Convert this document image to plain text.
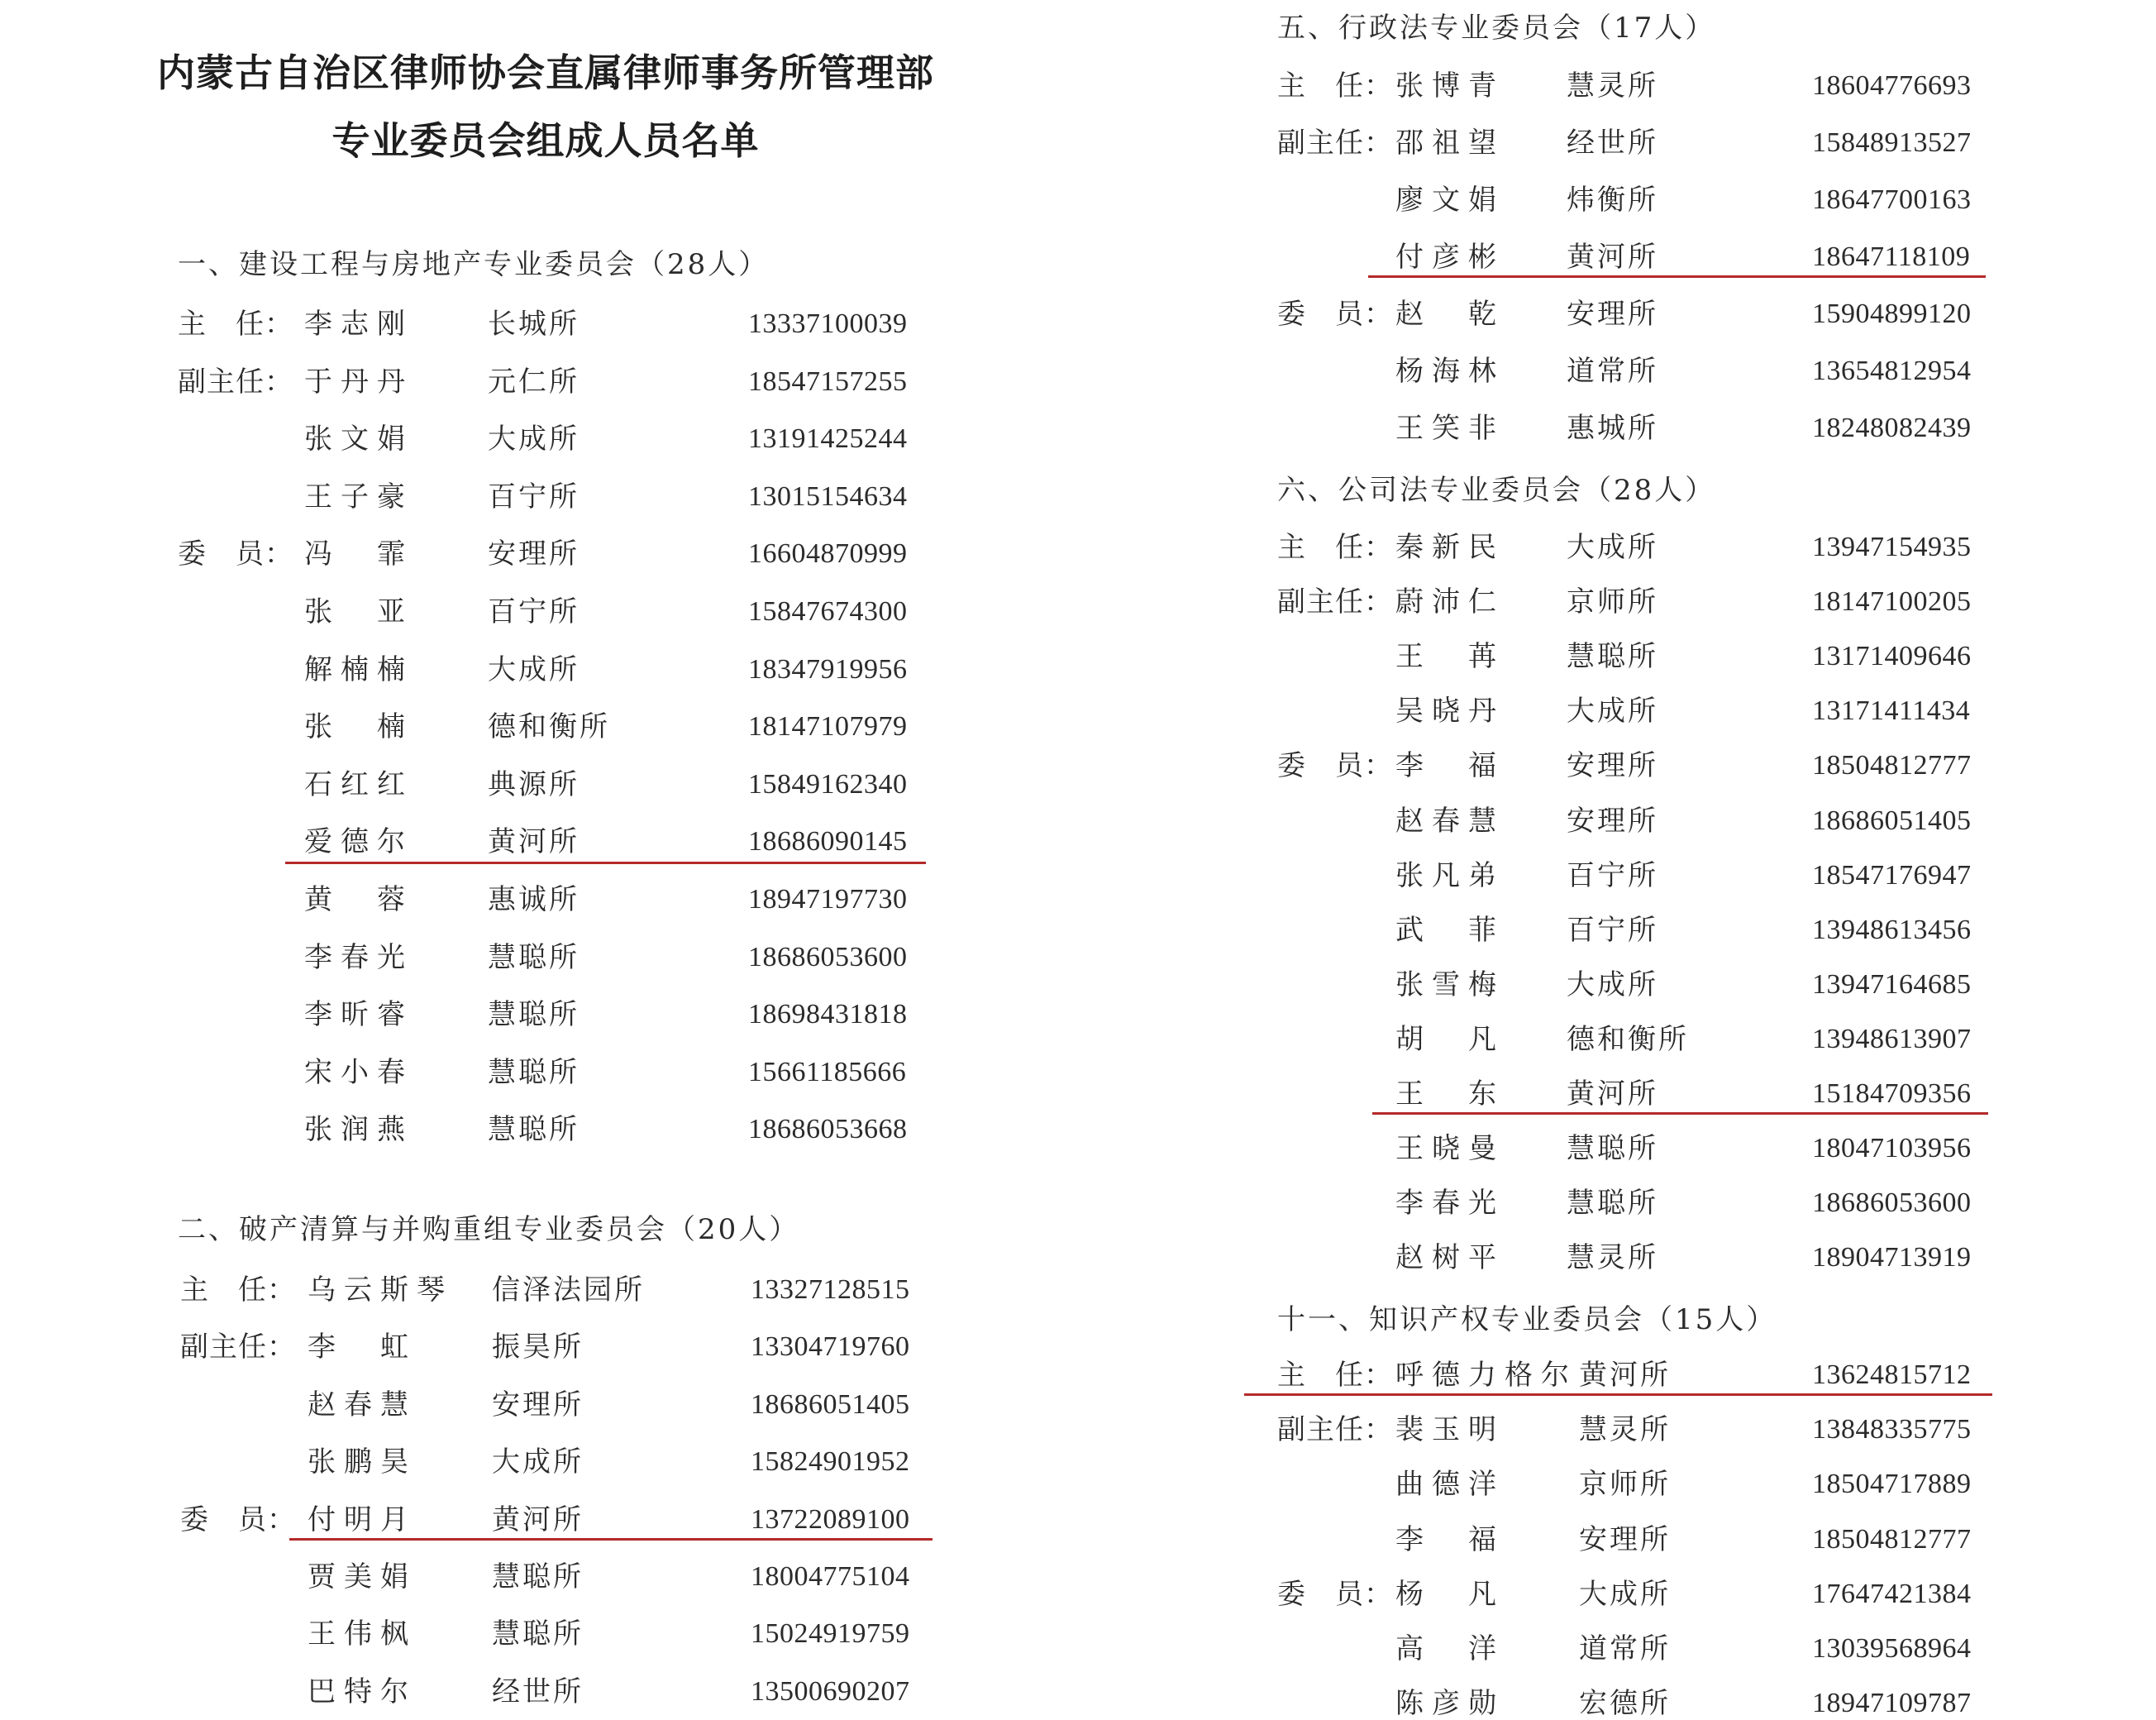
内蒙古自治区律师协会直属律师事务所管理部
专业委员会组成人员名单
一、建设工程与房地产专业委员会（28人）
主　任： 李志刚	长城所	13337100039
副主任： 于丹丹	元仁所	18547157255
张文娟	大成所	13191425244
王子豪	百宁所	13015154634
委　员： 冯　霏	安理所	16604870999
张　亚	百宁所	15847674300
解楠楠	大成所	18347919956
张　楠	德和衡所	18147107979
石红红	典源所	15849162340
爱德尔	黄河所	18686090145
黄　蓉	惠诚所	18947197730
李春光	慧聪所	18686053600
李昕睿	慧聪所	18698431818
宋小春	慧聪所	15661185666
张润燕	慧聪所	18686053668
二、破产清算与并购重组专业委员会（20人）
主　任： 乌云斯琴 信泽法园所	13327128515
副主任： 李　虹	振昊所	13304719760
赵春慧	安理所	18686051405
张鹏昊	大成所	15824901952
委　员： 付明月	黄河所	13722089100
贾美娟	慧聪所	18004775104
王伟枫	慧聪所	15024919759
巴特尔	经世所	13500690207
五、行政法专业委员会（17人）
主　任： 张博青 慧灵所	18604776693
副主任： 邵祖望 经世所	15848913527
廖文娟 炜衡所	18647700163
付彦彬 黄河所	18647118109
委　员： 赵　乾 安理所	15904899120
杨海林 道常所	13654812954
王笑非 惠城所	18248082439
六、公司法专业委员会（28人）
主　任： 秦新民 大成所	13947154935
副主任： 蔚沛仁 京师所	18147100205
王　苒 慧聪所	13171409646
吴晓丹 大成所	13171411434
委　员： 李　福 安理所	18504812777
赵春慧 安理所	18686051405
张凡弟 百宁所	18547176947
武　菲 百宁所	13948613456
张雪梅 大成所	13947164685
胡　凡 德和衡所	13948613907
王　东 黄河所	15184709356
王晓曼 慧聪所	18047103956
李春光 慧聪所	18686053600
赵树平 慧灵所	18904713919
十一、知识产权专业委员会（15人）
主　任： 呼德力格尔 黄河所	13624815712
副主任： 裴玉明	慧灵所	13848335775
曲德洋	京师所	18504717889
李　福	安理所	18504812777
委　员： 杨　凡	大成所	17647421384
高　洋	道常所	13039568964
陈彦勋	宏德所	18947109787
